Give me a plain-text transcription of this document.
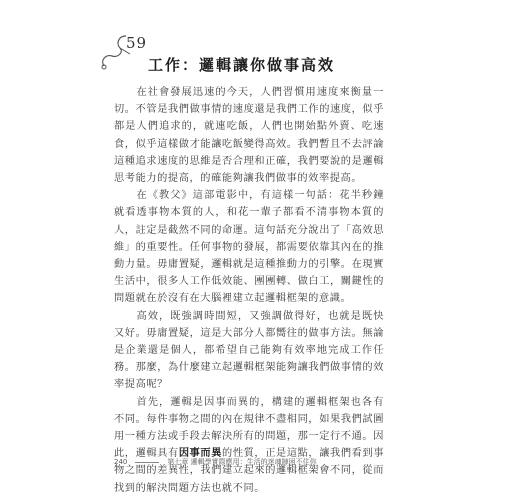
59
工作：邏輯讓你做事高效

在社會發展迅速的今天，人們習慣用速度來衡量一切。不管是我們做事情的速度還是我們工作的速度，似乎都是人們追求的，就連吃飯，人們也開始點外賣、吃速食，似乎這樣做才能讓吃飯變得高效。我們暫且不去評論這種追求速度的思維是否合理和正確，我們要說的是邏輯思考能力的提高，的確能夠讓我們做事的效率提高。

在《教父》這部電影中，有這樣一句話：花半秒鐘就看透事物本質的人，和花一輩子都看不清事物本質的人，註定是截然不同的命運。這句話充分說出了「高效思維」的重要性。任何事物的發展，都需要依靠其內在的推動力量。毋庸置疑，邏輯就是這種推動力的引擎。在現實生活中，很多人工作低效能、團團轉、做白工，關鍵性的問題就在於沒有在大腦裡建立起邏輯框架的意識。

高效，既強調時間短，又強調做得好，也就是既快又好。毋庸置疑，這是大部分人都嚮往的做事方法。無論是企業還是個人，都希望自己能夠有效率地完成工作任務。那麼，為什麼建立起邏輯框架能夠讓我們做事情的效率提高呢？

首先，邏輯是因事而異的，構建的邏輯框架也各有不同。每件事物之間的內在規律不盡相同，如果我們試圖用一種方法或手段去解決所有的問題，那一定行不通。因此，邏輯具有因事而異的性質，正是這點，讓我們看到事物之間的差異性，我們建立起來的邏輯框架會不同，從而找到的解決問題方法也就不同。

240	第七章 邏輯學實際應用：生活的迷魂陣困不住你
